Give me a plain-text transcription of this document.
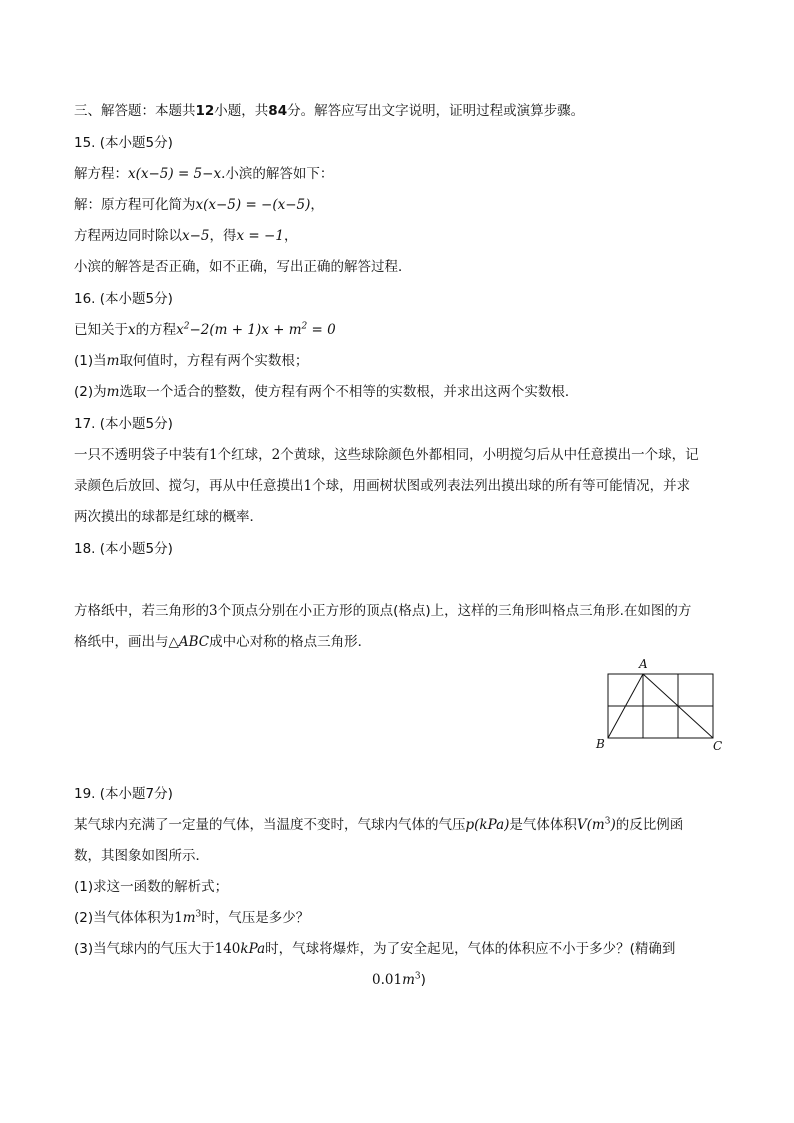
三、解答题：本题共12小题，共84分。解答应写出文字说明，证明过程或演算步骤。
15. (本小题5分)
解方程：x(x−5) = 5−x.小滨的解答如下：
解：原方程可化简为x(x−5) = −(x−5)，
方程两边同时除以x−5，得x = −1，
小滨的解答是否正确，如不正确，写出正确的解答过程．
16. (本小题5分)
已知关于x的方程$x^2-2(m + 1)x + m^2 = 0$
(1)当m取何值时，方程有两个实数根；
(2)为m选取一个适合的整数，使方程有两个不相等的实数根，并求出这两个实数根．
17. (本小题5分)
一只不透明袋子中装有1个红球，2个黄球，这些球除颜色外都相同，小明搅匀后从中任意摸出一个球，记
录颜色后放回、搅匀，再从中任意摸出1个球，用画树状图或列表法列出摸出球的所有等可能情况，并求
两次摸出的球都是红球的概率．
18. (本小题5分)
方格纸中，若三角形的3个顶点分别在小正方形的顶点(格点)上，这样的三角形叫格点三角形.在如图的方
格纸中，画出与△ABC成中心对称的格点三角形．
A
B	C
19. (本小题7分)
某气球内充满了一定量的气体，当温度不变时，气球内气体的气压p(kPa)是气体体积$V(m^3)$的反比例函
数，其图象如图所示．
(1)求这一函数的解析式；
(2)当气体体积为$1m^3$时，气压是多少？
(3)当气球内的气压大于140kPa时，气球将爆炸，为了安全起见，气体的体积应不小于多少？(精确到
$0.01m^3$)
